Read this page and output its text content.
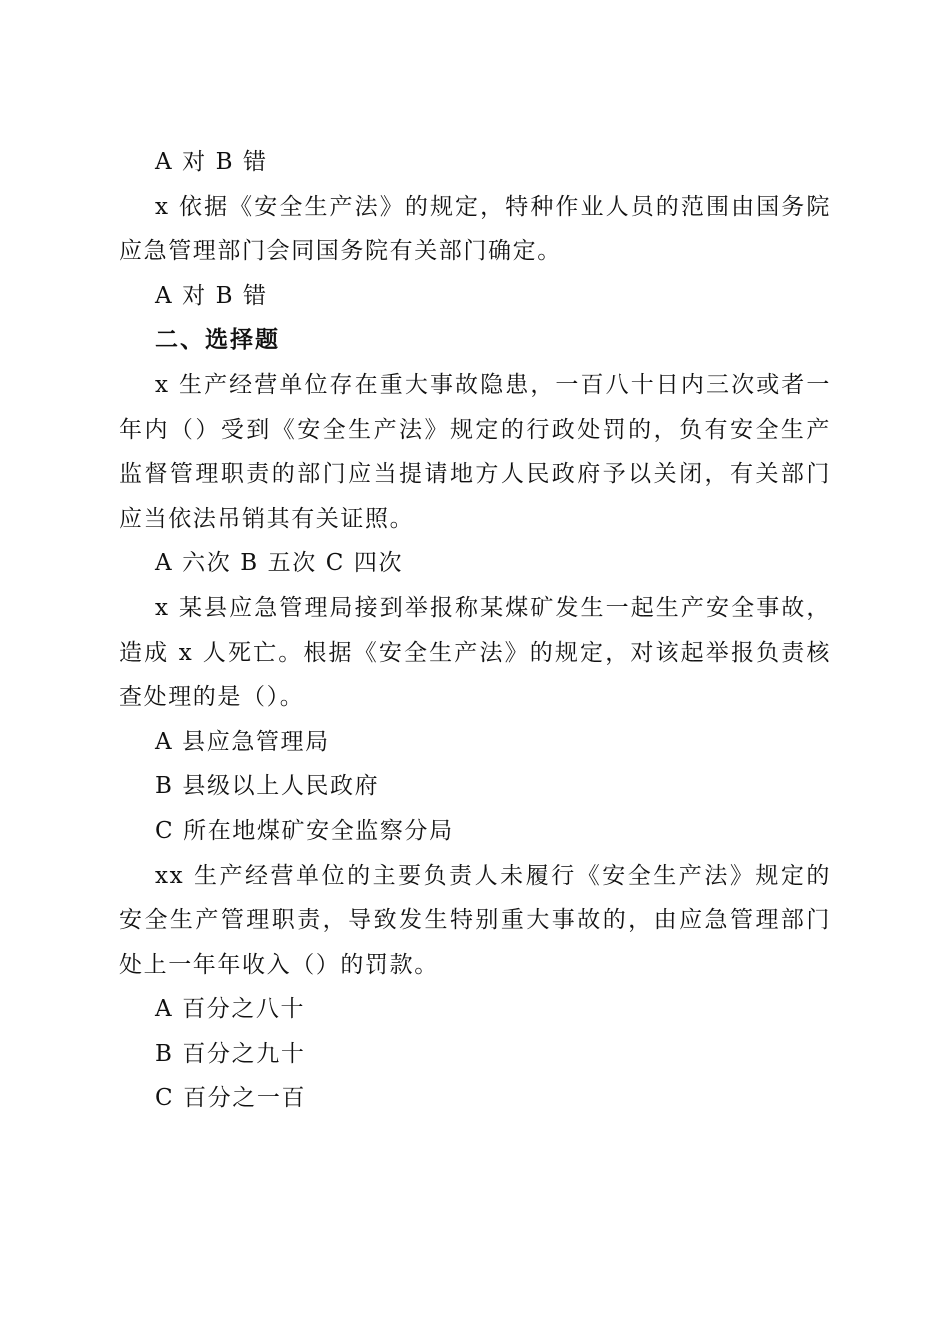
A 对 B 错

x 依据《安全生产法》的规定，特种作业人员的范围由国务院应急管理部门会同国务院有关部门确定。

A 对 B 错

二、选择题

x 生产经营单位存在重大事故隐患，一百八十日内三次或者一年内（）受到《安全生产法》规定的行政处罚的，负有安全生产监督管理职责的部门应当提请地方人民政府予以关闭，有关部门应当依法吊销其有关证照。

A 六次 B 五次 C 四次

x 某县应急管理局接到举报称某煤矿发生一起生产安全事故，造成 x 人死亡。根据《安全生产法》的规定，对该起举报负责核查处理的是（）。

A 县应急管理局

B 县级以上人民政府

C 所在地煤矿安全监察分局

xx 生产经营单位的主要负责人未履行《安全生产法》规定的安全生产管理职责，导致发生特别重大事故的，由应急管理部门处上一年年收入（）的罚款。

A 百分之八十

B 百分之九十

C 百分之一百
